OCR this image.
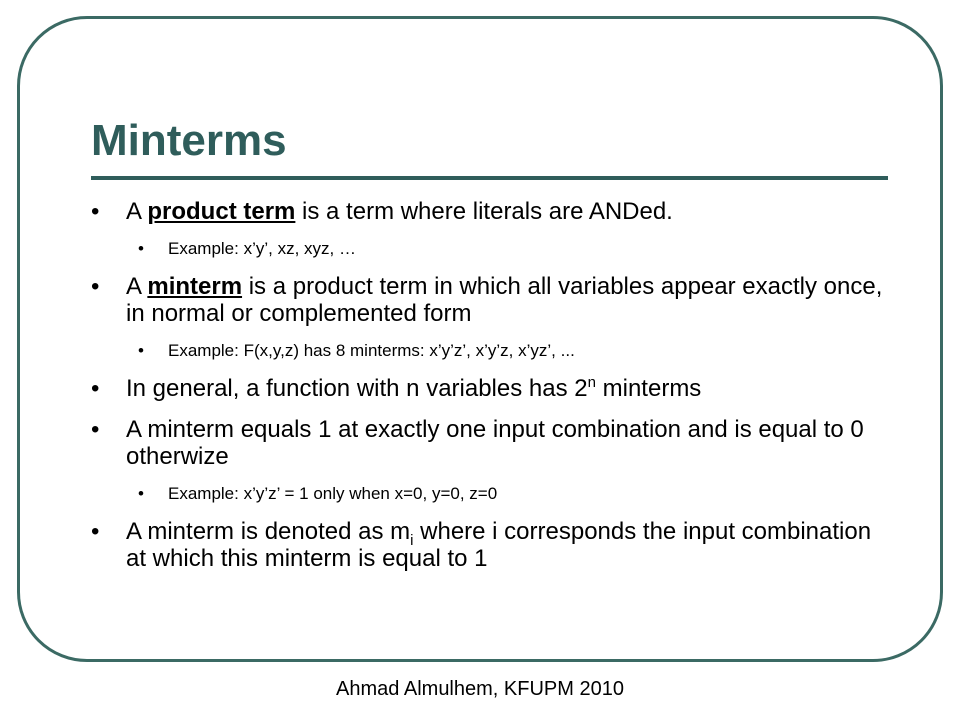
Minterms
• A product term is a term where literals are ANDed.
• Example: x’y’, xz, xyz, …
• A minterm is a product term in which all variables appear exactly once, in normal or complemented form
• Example: F(x,y,z) has 8 minterms: x’y’z’, x’y’z, x’yz’, ...
• In general, a function with n variables has 2$^n$ minterms
• A minterm equals 1 at exactly one input combination and is equal to 0 otherwize
• Example: x’y’z’ = 1 only when x=0, y=0, z=0
• A minterm is denoted as $m_i$ where i corresponds the input combination at which this minterm is equal to 1
Ahmad Almulhem, KFUPM 2010
